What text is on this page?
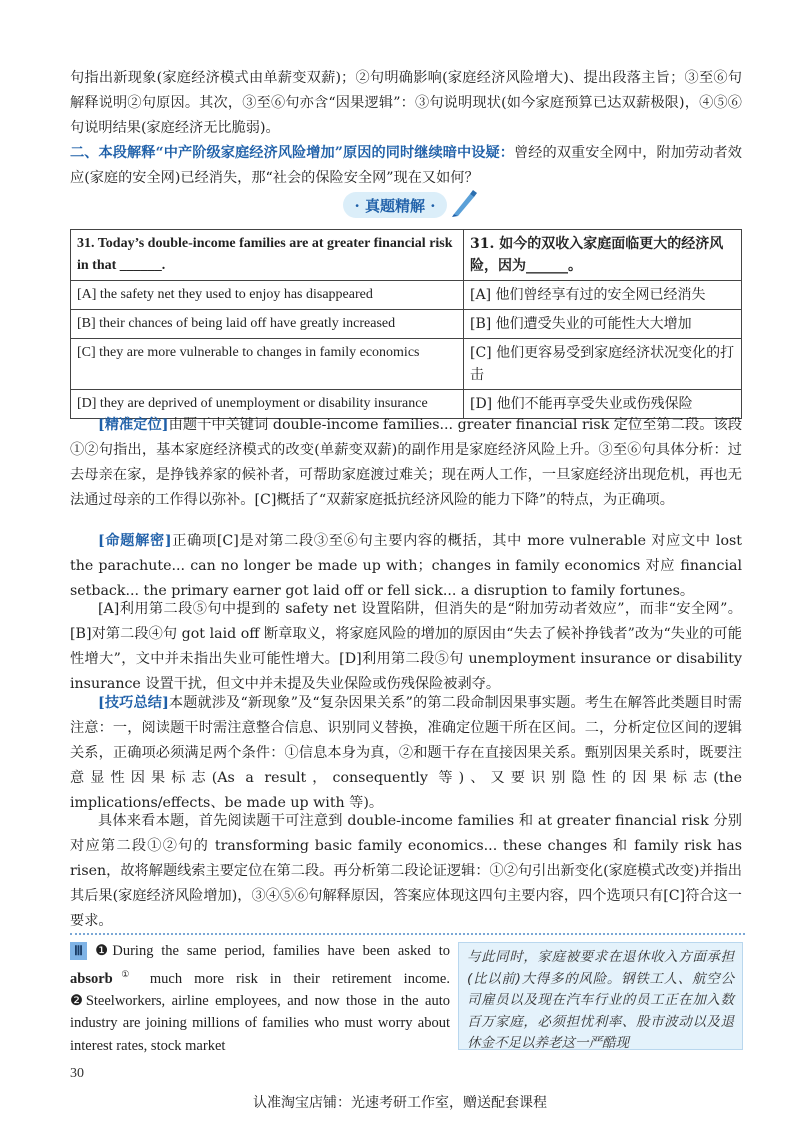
句指出新现象(家庭经济模式由单薪变双薪)；②句明确影响(家庭经济风险增大)、提出段落主旨；③至⑥句解释说明②句原因。其次，③至⑥句亦含“因果逻辑”：③句说明现状(如今家庭预算已达双薪极限)，④⑤⑥句说明结果(家庭经济无比脆弱)。
二、本段解释“中产阶级家庭经济风险增加”原因的同时继续暗中设疑：曾经的双重安全网中，附加劳动者效应(家庭的安全网)已经消失，那“社会的保险安全网”现在又如何？
· 真题精解 ·
31. Today’s double-income families are at greater financial risk in that ______.	31. 如今的双收入家庭面临更大的经济风险，因为______。
[A] the safety net they used to enjoy has disappeared	[A] 他们曾经享有过的安全网已经消失
[B] their chances of being laid off have greatly increased	[B] 他们遭受失业的可能性大大增加
[C] they are more vulnerable to changes in family economics	[C] 他们更容易受到家庭经济状况变化的打击
[D] they are deprived of unemployment or disability insurance	[D] 他们不能再享受失业或伤残保险
[精准定位]由题干中关键词 double-income families... greater financial risk 定位至第二段。该段①②句指出，基本家庭经济模式的改变(单薪变双薪)的副作用是家庭经济风险上升。③至⑥句具体分析：过去母亲在家，是挣钱养家的候补者，可帮助家庭渡过难关；现在两人工作，一旦家庭经济出现危机，再也无法通过母亲的工作得以弥补。[C]概括了“双薪家庭抵抗经济风险的能力下降”的特点，为正确项。
[命题解密]正确项[C]是对第二段③至⑥句主要内容的概括，其中 more vulnerable 对应文中 lost the parachute... can no longer be made up with；changes in family economics 对应 financial setback... the primary earner got laid off or fell sick... a disruption to family fortunes。
[A]利用第二段⑤句中提到的 safety net 设置陷阱，但消失的是“附加劳动者效应”，而非“安全网”。[B]对第二段④句 got laid off 断章取义，将家庭风险的增加的原因由“失去了候补挣钱者”改为“失业的可能性增大”，文中并未指出失业可能性增大。[D]利用第二段⑤句 unemployment insurance or disability insurance 设置干扰，但文中并未提及失业保险或伤残保险被剥夺。
[技巧总结]本题就涉及“新现象”及“复杂因果关系”的第二段命制因果事实题。考生在解答此类题目时需注意：一，阅读题干时需注意整合信息、识别同义替换，准确定位题干所在区间。二，分析定位区间的逻辑关系，正确项必须满足两个条件：①信息本身为真，②和题干存在直接因果关系。甄别因果关系时，既要注意显性因果标志(As a result，consequently 等)、又要识别隐性的因果标志(the implications/effects、be made up with 等)。
具体来看本题，首先阅读题干可注意到 double-income families 和 at greater financial risk 分别对应第二段①②句的 transforming basic family economics... these changes 和 family risk has risen，故将解题线索主要定位在第二段。再分析第二段论证逻辑：①②句引出新变化(家庭模式改变)并指出其后果(家庭经济风险增加)，③④⑤⑥句解释原因，答案应体现这四句主要内容，四个选项只有[C]符合这一要求。
Ⅲ ❶During the same period, families have been asked to absorb① much more risk in their retirement income. ❷Steelworkers, airline employees, and now those in the auto industry are joining millions of families who must worry about interest rates, stock market
与此同时，家庭被要求在退休收入方面承担(比以前)大得多的风险。钢铁工人、航空公司雇员以及现在汽车行业的员工正在加入数百万家庭，必须担忧利率、股市波动以及退休金不足以养老这一严酷现
30
认准淘宝店铺：光速考研工作室，赠送配套课程
